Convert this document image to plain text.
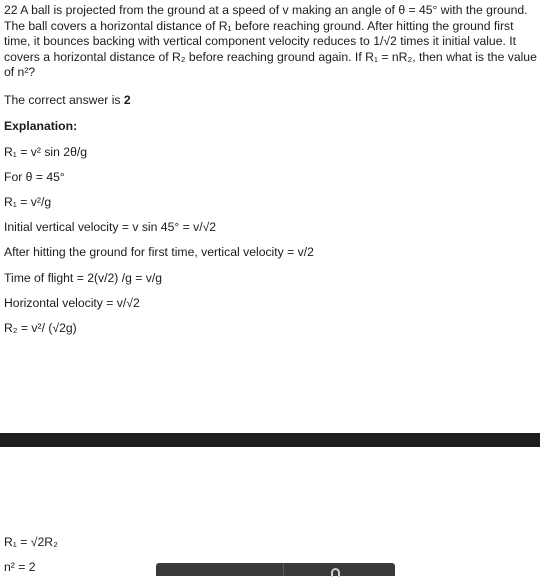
22 A ball is projected from the ground at a speed of v making an angle of θ = 45° with the ground. The ball covers a horizontal distance of R₁ before reaching ground. After hitting the ground first time, it bounces backing with vertical component velocity reduces to 1/√2 times it initial value. It covers a horizontal distance of R₂ before reaching ground again. If R₁ = nR₂, then what is the value of n²?
The correct answer is 2
Explanation:
R₁ = v² sin 2θ/g
For θ = 45°
R₁ = v²/g
Initial vertical velocity = v sin 45° = v/√2
After hitting the ground for first time, vertical velocity = v/2
Time of flight = 2(v/2) /g = v/g
Horizontal velocity = v/√2
R₂ = v²/ (√2g)
R₁ = √2R₂
n² = 2
